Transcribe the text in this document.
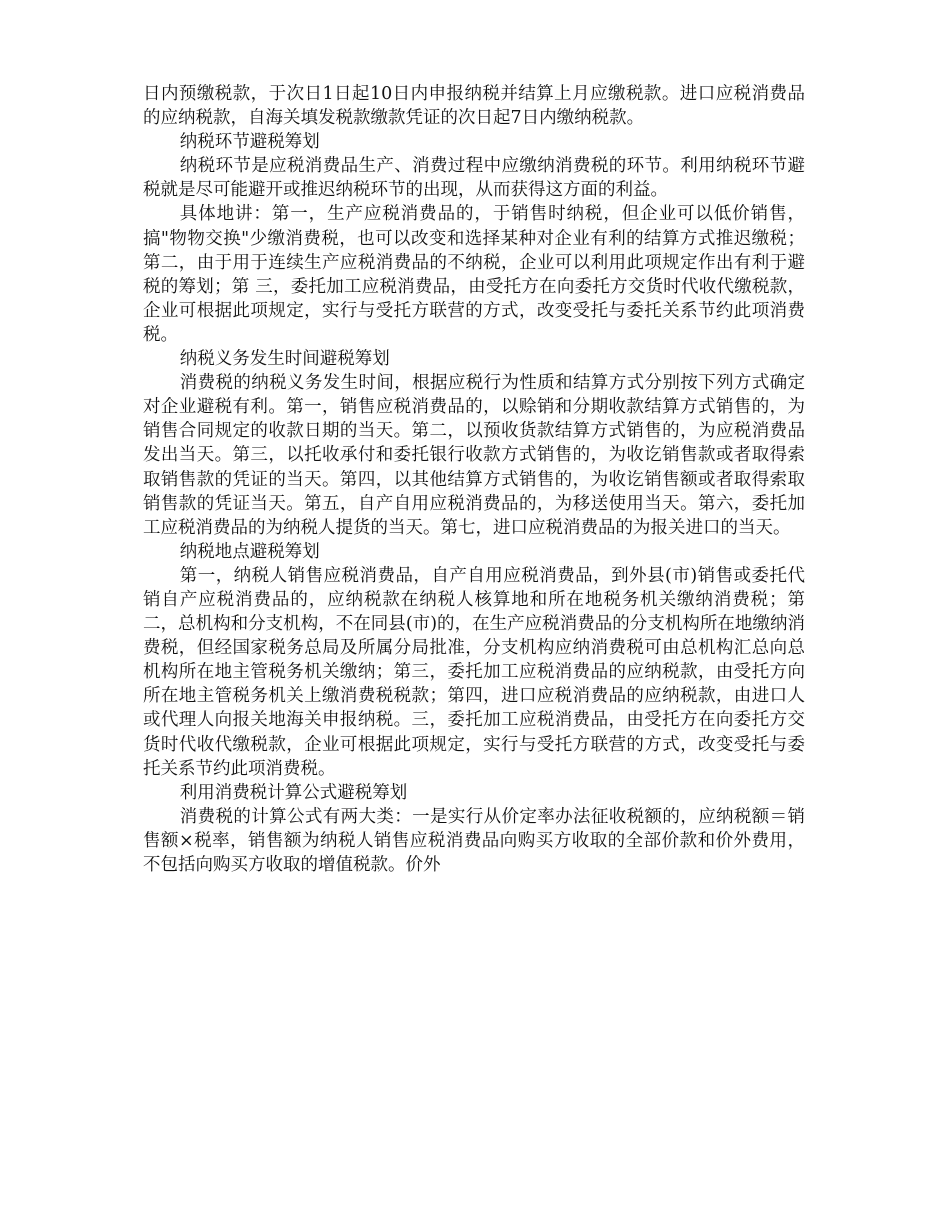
日内预缴税款，于次日1日起10日内申报纳税并结算上月应缴税款。进口应税消费品的应纳税款，自海关填发税款缴款凭证的次日起7日内缴纳税款。

纳税环节避税筹划

纳税环节是应税消费品生产、消费过程中应缴纳消费税的环节。利用纳税环节避税就是尽可能避开或推迟纳税环节的出现，从而获得这方面的利益。

具体地讲：第一，生产应税消费品的，于销售时纳税，但企业可以低价销售，搞"物物交换"少缴消费税，也可以改变和选择某种对企业有利的结算方式推迟缴税；第二，由于用于连续生产应税消费品的不纳税，企业可以利用此项规定作出有利于避税的筹划；第 三，委托加工应税消费品，由受托方在向委托方交货时代收代缴税款，企业可根据此项规定，实行与受托方联营的方式，改变受托与委托关系节约此项消费税。

纳税义务发生时间避税筹划

消费税的纳税义务发生时间，根据应税行为性质和结算方式分别按下列方式确定对企业避税有利。第一，销售应税消费品的，以赊销和分期收款结算方式销售的，为销售合同规定的收款日期的当天。第二，以预收货款结算方式销售的，为应税消费品发出当天。第三，以托收承付和委托银行收款方式销售的，为收讫销售款或者取得索取销售款的凭证的当天。第四，以其他结算方式销售的，为收讫销售额或者取得索取销售款的凭证当天。第五，自产自用应税消费品的，为移送使用当天。第六，委托加工应税消费品的为纳税人提货的当天。第七，进口应税消费品的为报关进口的当天。

纳税地点避税筹划

第一，纳税人销售应税消费品，自产自用应税消费品，到外县(市)销售或委托代销自产应税消费品的，应纳税款在纳税人核算地和所在地税务机关缴纳消费税；第二，总机构和分支机构，不在同县(市)的，在生产应税消费品的分支机构所在地缴纳消费税，但经国家税务总局及所属分局批准，分支机构应纳消费税可由总机构汇总向总机构所在地主管税务机关缴纳；第三，委托加工应税消费品的应纳税款，由受托方向所在地主管税务机关上缴消费税税款；第四，进口应税消费品的应纳税款，由进口人或代理人向报关地海关申报纳税。三，委托加工应税消费品，由受托方在向委托方交货时代收代缴税款，企业可根据此项规定，实行与受托方联营的方式，改变受托与委托关系节约此项消费税。

利用消费税计算公式避税筹划

消费税的计算公式有两大类：一是实行从价定率办法征收税额的，应纳税额＝销售额×税率，销售额为纳税人销售应税消费品向购买方收取的全部价款和价外费用，不包括向购买方收取的增值税款。价外
